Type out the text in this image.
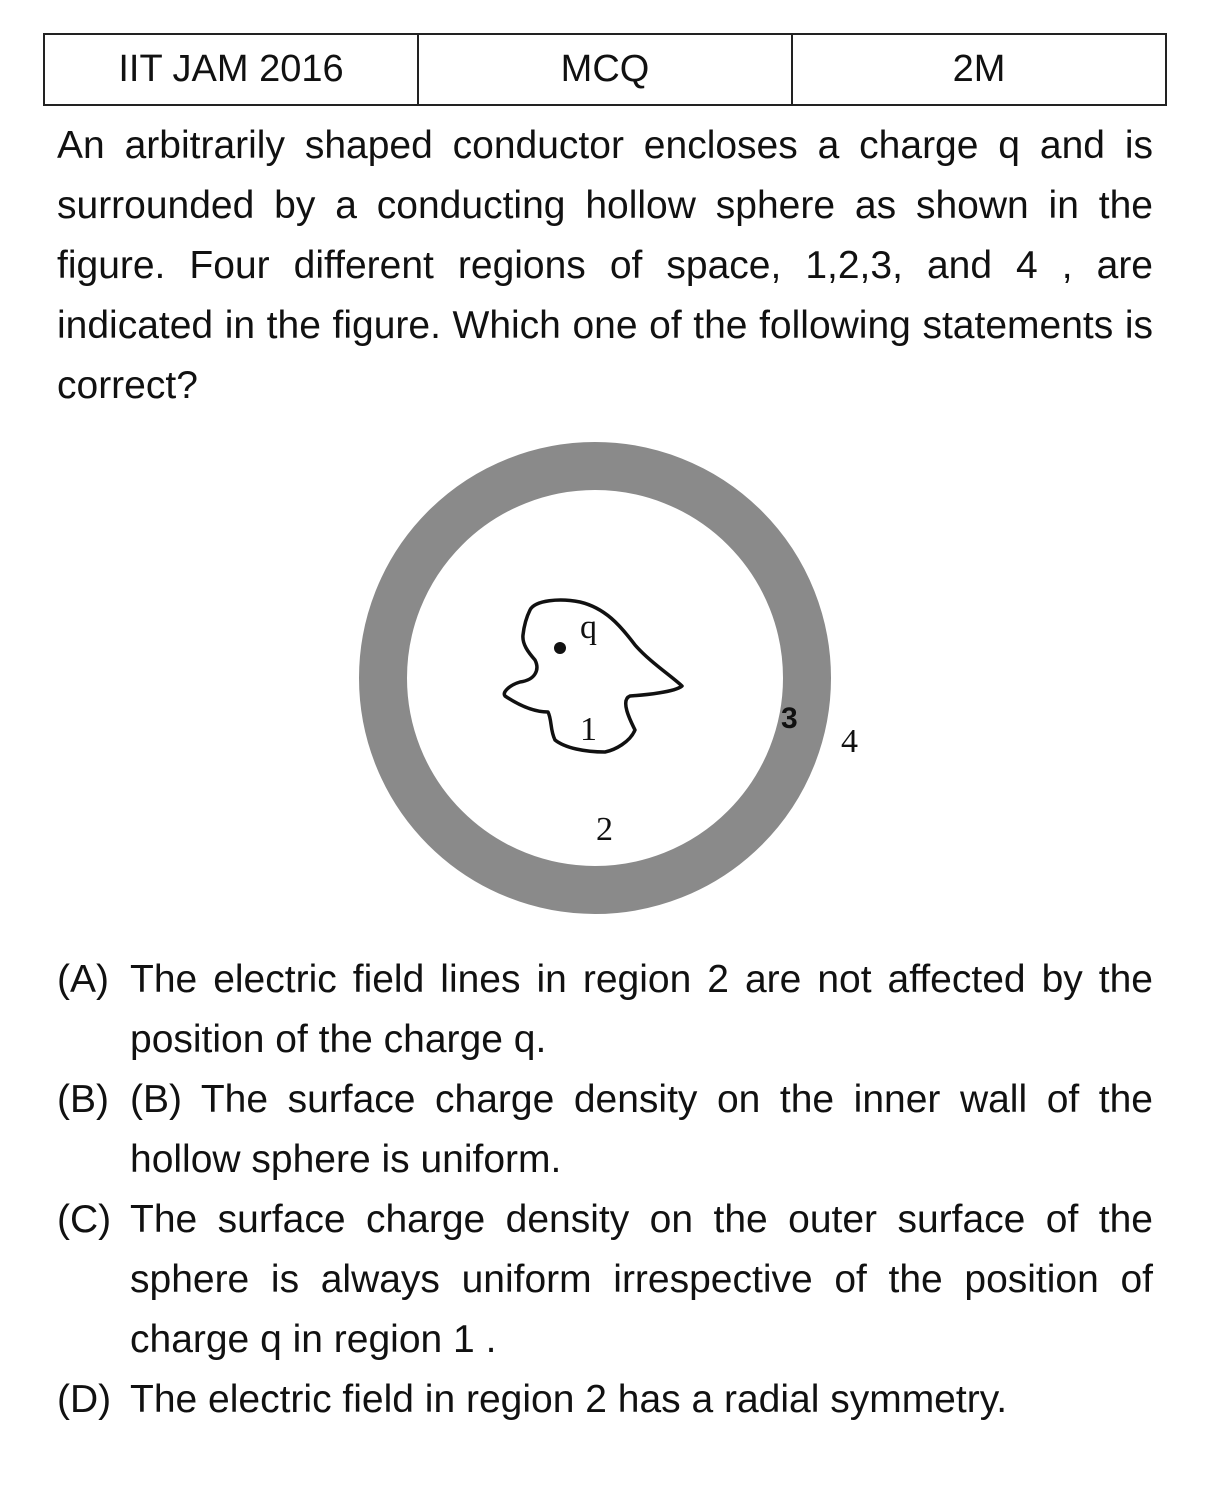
IIT JAM 2016	MCQ	2M

An arbitrarily shaped conductor encloses a charge q and is surrounded by a conducting hollow sphere as shown in the figure. Four different regions of space, 1,2,3, and 4 , are indicated in the figure. Which one of the following statements is correct?

q
1
2
3
4
(A) The electric field lines in region 2 are not affected by the position of the charge q.
(B) (B) The surface charge density on the inner wall of the hollow sphere is uniform.
(C) The surface charge density on the outer surface of the sphere is always uniform irrespective of the position of charge q in region 1 .
(D) The electric field in region 2 has a radial symmetry.
